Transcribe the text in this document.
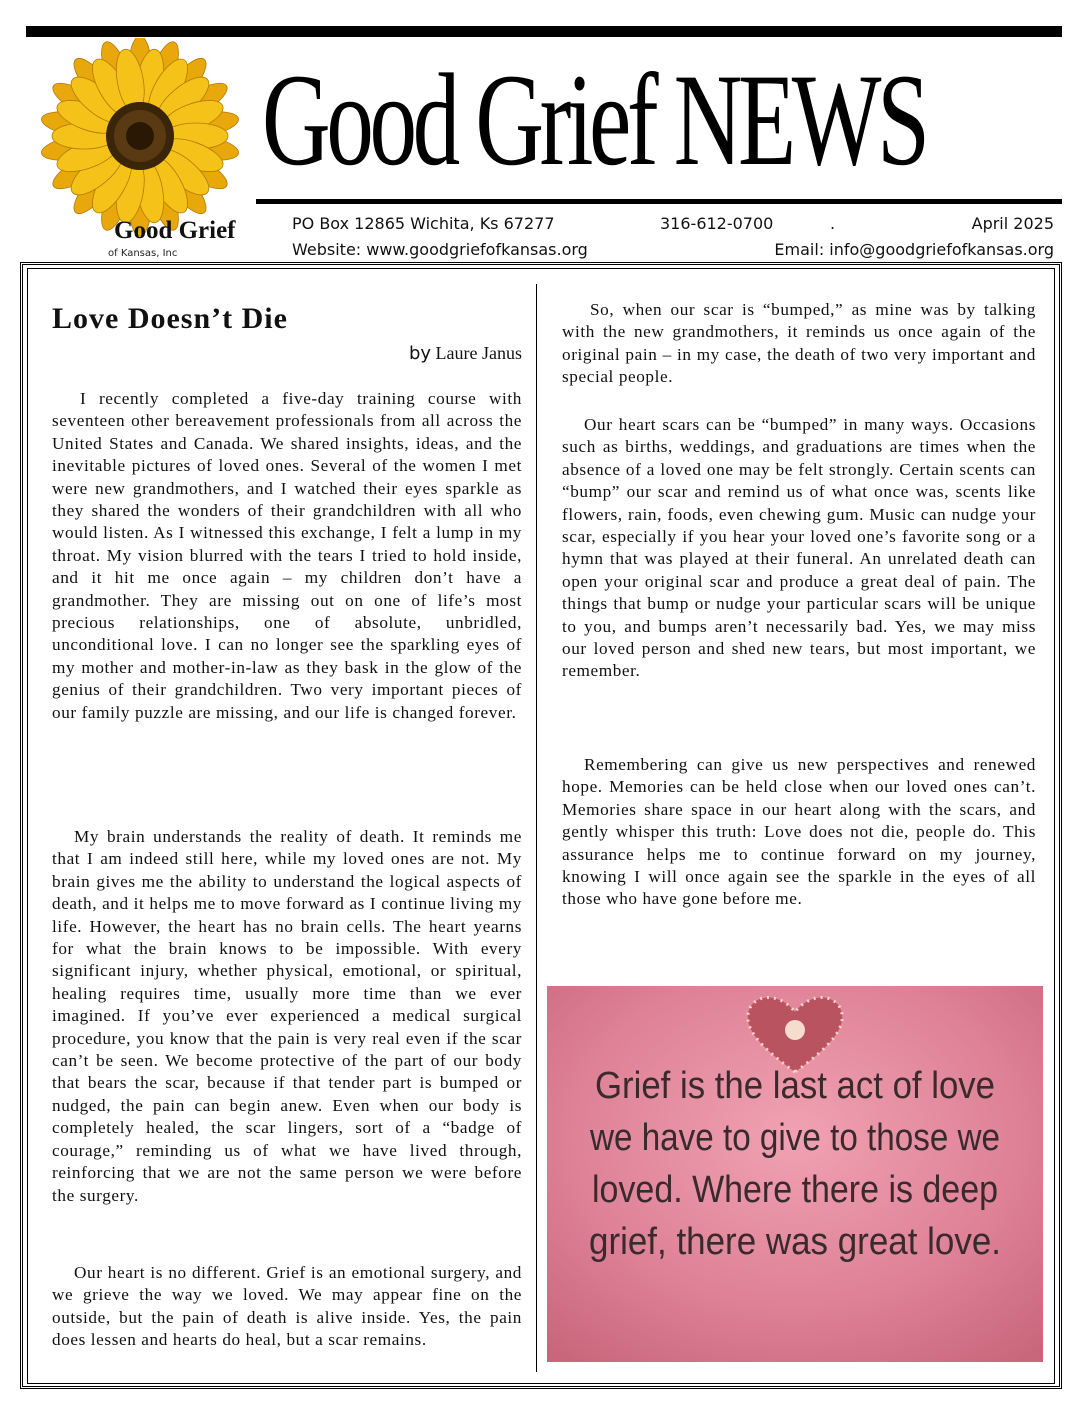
Good Grief
of Kansas, Inc
Good Grief NEWS
PO Box 12865 Wichita, Ks 67277	316-612-0700	.	April 2025
Website: www.goodgriefofkansas.org	Email: info@goodgriefofkansas.org
Love Doesn’t Die
by Laure Janus

I recently completed a five-day training course with seventeen other bereavement professionals from all across the United States and Canada. We shared insights, ideas, and the inevitable pictures of loved ones. Several of the women I met were new grandmothers, and I watched their eyes sparkle as they shared the wonders of their grandchildren with all who would listen. As I witnessed this exchange, I felt a lump in my throat. My vision blurred with the tears I tried to hold inside, and it hit me once again – my children don’t have a grandmother. They are missing out on one of life’s most precious relationships, one of absolute, unbridled, unconditional love. I can no longer see the sparkling eyes of my mother and mother-in-law as they bask in the glow of the genius of their grandchildren. Two very important pieces of our family puzzle are missing, and our life is changed forever.

My brain understands the reality of death. It reminds me that I am indeed still here, while my loved ones are not. My brain gives me the ability to understand the logical aspects of death, and it helps me to move forward as I continue living my life. However, the heart has no brain cells. The heart yearns for what the brain knows to be impossible. With every significant injury, whether physical, emotional, or spiritual, healing requires time, usually more time than we ever imagined. If you’ve ever experienced a medical surgical procedure, you know that the pain is very real even if the scar can’t be seen. We become protective of the part of our body that bears the scar, because if that tender part is bumped or nudged, the pain can begin anew. Even when our body is completely healed, the scar lingers, sort of a “badge of courage,” reminding us of what we have lived through, reinforcing that we are not the same person we were before the surgery.

Our heart is no different. Grief is an emotional surgery, and we grieve the way we loved. We may appear fine on the outside, but the pain of death is alive inside. Yes, the pain does lessen and hearts do heal, but a scar remains.

So, when our scar is “bumped,” as mine was by talking with the new grandmothers, it reminds us once again of the original pain – in my case, the death of two very important and special people.

Our heart scars can be “bumped” in many ways. Occasions such as births, weddings, and graduations are times when the absence of a loved one may be felt strongly. Certain scents can “bump” our scar and remind us of what once was, scents like flowers, rain, foods, even chewing gum. Music can nudge your scar, especially if you hear your loved one’s favorite song or a hymn that was played at their funeral. An unrelated death can open your original scar and produce a great deal of pain. The things that bump or nudge your particular scars will be unique to you, and bumps aren’t necessarily bad. Yes, we may miss our loved person and shed new tears, but most important, we remember.

Remembering can give us new perspectives and renewed hope. Memories can be held close when our loved ones can’t. Memories share space in our heart along with the scars, and gently whisper this truth: Love does not die, people do. This assurance helps me to continue forward on my journey, knowing I will once again see the sparkle in the eyes of all those who have gone before me.

Grief is the last act of love
we have to give to those we
loved. Where there is deep
grief, there was great love.
